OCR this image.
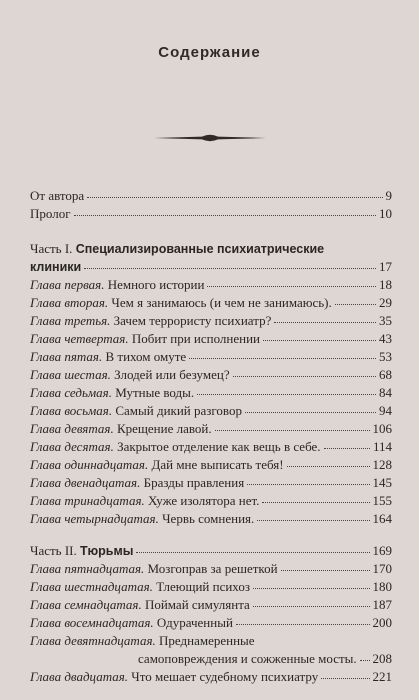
Содержание
От автора	9
Пролог	10
Часть I. Специализированные психиатрические
клиники	17
Глава первая. Немного истории	18
Глава вторая. Чем я занимаюсь (и чем не занимаюсь).	29
Глава третья. Зачем террористу психиатр?	35
Глава четвертая. Побит при исполнении	43
Глава пятая. В тихом омуте	53
Глава шестая. Злодей или безумец?	68
Глава седьмая. Мутные воды.	84
Глава восьмая. Самый дикий разговор	94
Глава девятая. Крещение лавой.	106
Глава десятая. Закрытое отделение как вещь в себе.	114
Глава одиннадцатая. Дай мне выписать тебя!	128
Глава двенадцатая. Бразды правления	145
Глава тринадцатая. Хуже изолятора нет.	155
Глава четырнадцатая. Червь сомнения.	164
Часть II. Тюрьмы	169
Глава пятнадцатая. Мозгоправ за решеткой	170
Глава шестнадцатая. Тлеющий психоз	180
Глава семнадцатая. Поймай симулянта	187
Глава восемнадцатая. Одураченный	200
Глава девятнадцатая. Преднамеренные
самоповреждения и сожженные мосты. 208
Глава двадцатая. Что мешает судебному психиатру	221
